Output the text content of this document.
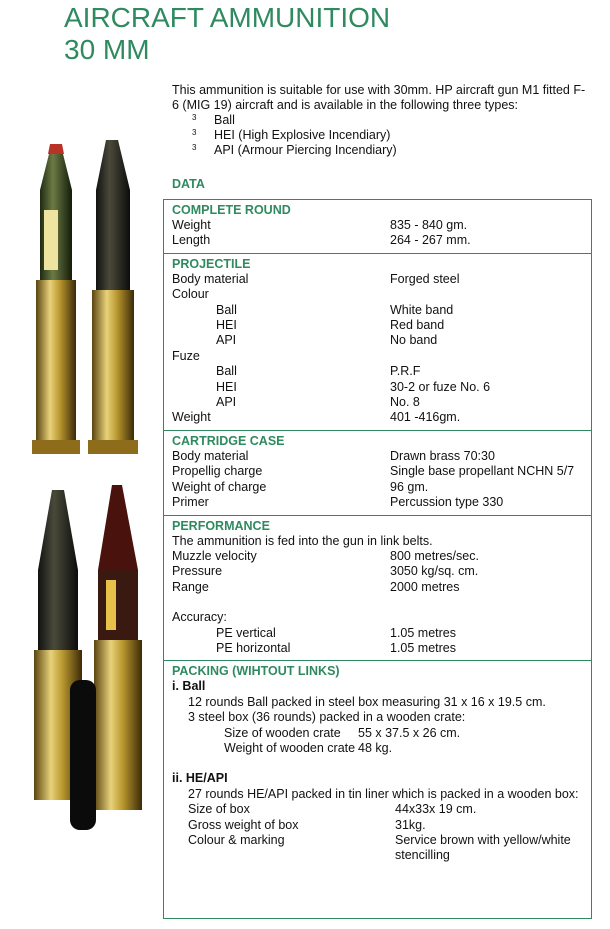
AIRCRAFT AMMUNITION
30 MM
This ammunition is suitable for use with 30mm. HP aircraft gun M1 fitted F-6 (MIG 19) aircraft and is available in the following three types:
3 Ball
3 HEI (High Explosive Incendiary)
3 API (Armour Piercing Incendiary)
DATA
COMPLETE ROUND
Weight	835 - 840 gm.
Length	264 - 267 mm.
PROJECTILE
Body material	Forged steel
Colour
Ball	White band
HEI	Red band
API	No band
Fuze
Ball	P.R.F
HEI	30-2 or fuze No. 6
API	No. 8
Weight	401 -416gm.
CARTRIDGE CASE
Body material	Drawn brass 70:30
Propellig charge	Single base propellant NCHN 5/7
Weight of charge	96 gm.
Primer	Percussion type 330
PERFORMANCE
The ammunition is fed into the gun in link belts.
Muzzle velocity	800 metres/sec.
Pressure	3050 kg/sq. cm.
Range	2000 metres
Accuracy:
PE vertical	1.05 metres
PE horizontal	1.05 metres
PACKING (WIHTOUT LINKS)
i. Ball
12 rounds Ball packed in steel box measuring 31 x 16 x 19.5 cm.
3 steel box (36 rounds) packed in a wooden crate:
Size of wooden crate	55 x 37.5 x 26 cm.
Weight of wooden crate 48 kg.
ii. HE/API
27 rounds HE/API packed in tin liner which is packed in a wooden box:
Size of box	44x33x 19 cm.
Gross weight of box	31kg.
Colour & marking	Service brown with yellow/white stencilling
